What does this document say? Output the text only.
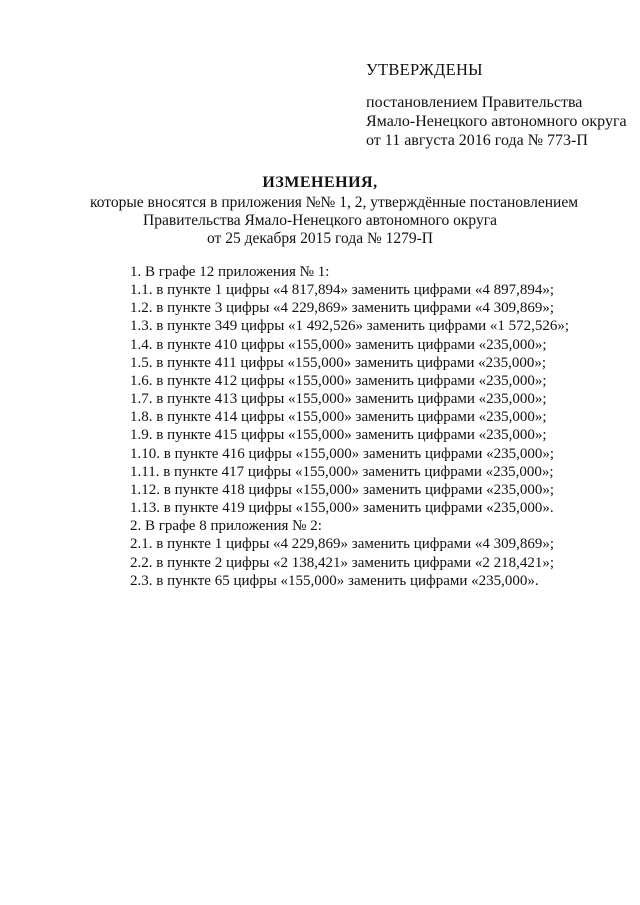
УТВЕРЖДЕНЫ
постановлением Правительства
Ямало-Ненецкого автономного округа
от 11 августа 2016 года № 773-П
ИЗМЕНЕНИЯ,
которые вносятся в приложения №№ 1, 2, утверждённые постановлением
Правительства Ямало-Ненецкого автономного округа
от 25 декабря 2015 года № 1279-П
1. В графе 12 приложения № 1:
1.1. в пункте 1 цифры «4 817,894» заменить цифрами «4 897,894»;
1.2. в пункте 3 цифры «4 229,869» заменить цифрами «4 309,869»;
1.3. в пункте 349 цифры «1 492,526» заменить цифрами «1 572,526»;
1.4. в пункте 410 цифры «155,000» заменить цифрами «235,000»;
1.5. в пункте 411 цифры «155,000» заменить цифрами «235,000»;
1.6. в пункте 412 цифры «155,000» заменить цифрами «235,000»;
1.7. в пункте 413 цифры «155,000» заменить цифрами «235,000»;
1.8. в пункте 414 цифры «155,000» заменить цифрами «235,000»;
1.9. в пункте 415 цифры «155,000» заменить цифрами «235,000»;
1.10. в пункте 416 цифры «155,000» заменить цифрами «235,000»;
1.11. в пункте 417 цифры «155,000» заменить цифрами «235,000»;
1.12. в пункте 418 цифры «155,000» заменить цифрами «235,000»;
1.13. в пункте 419 цифры «155,000» заменить цифрами «235,000».
2. В графе 8 приложения № 2:
2.1. в пункте 1 цифры «4 229,869» заменить цифрами «4 309,869»;
2.2. в пункте 2 цифры «2 138,421» заменить цифрами «2 218,421»;
2.3. в пункте 65 цифры «155,000» заменить цифрами «235,000».
